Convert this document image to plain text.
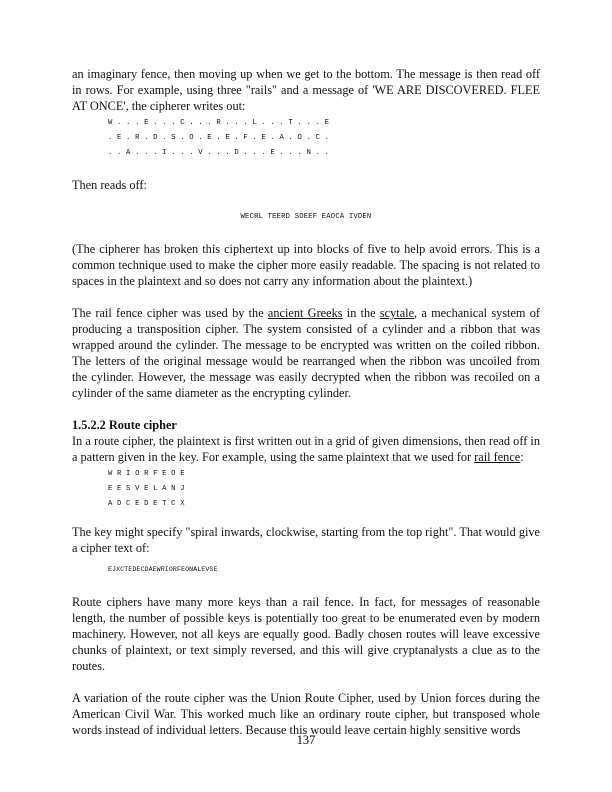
an imaginary fence, then moving up when we get to the bottom. The message is then read off in rows. For example, using three "rails" and a message of 'WE ARE DISCOVERED. FLEE AT ONCE', the cipherer writes out:

W . . . E . . . C . . . R . . . L . . . T . . . E
. E . R . D . S . O . E . E . F . E . A . O . C .
. . A . . . I . . . V . . . D . . . E . . . N . .

Then reads off:

WECRL TEERD SOEEF EAOCA IVDEN

(The cipherer has broken this ciphertext up into blocks of five to help avoid errors. This is a common technique used to make the cipher more easily readable. The spacing is not related to spaces in the plaintext and so does not carry any information about the plaintext.)

The rail fence cipher was used by the ancient Greeks in the scytale, a mechanical system of producing a transposition cipher. The system consisted of a cylinder and a ribbon that was wrapped around the cylinder. The message to be encrypted was written on the coiled ribbon. The letters of the original message would be rearranged when the ribbon was uncoiled from the cylinder. However, the message was easily decrypted when the ribbon was recoiled on a cylinder of the same diameter as the encrypting cylinder.

1.5.2.2 Route cipher

In a route cipher, the plaintext is first written out in a grid of given dimensions, then read off in a pattern given in the key. For example, using the same plaintext that we used for rail fence:

W R I O R F E O E
E E S V E L A N J
A D C E D E T C X

The key might specify "spiral inwards, clockwise, starting from the top right". That would give a cipher text of:

EJXCTEDECDAEWRIORFEONALEVSE

Route ciphers have many more keys than a rail fence. In fact, for messages of reasonable length, the number of possible keys is potentially too great to be enumerated even by modern machinery. However, not all keys are equally good. Badly chosen routes will leave excessive chunks of plaintext, or text simply reversed, and this will give cryptanalysts a clue as to the routes.

A variation of the route cipher was the Union Route Cipher, used by Union forces during the American Civil War. This worked much like an ordinary route cipher, but transposed whole words instead of individual letters. Because this would leave certain highly sensitive words

137
